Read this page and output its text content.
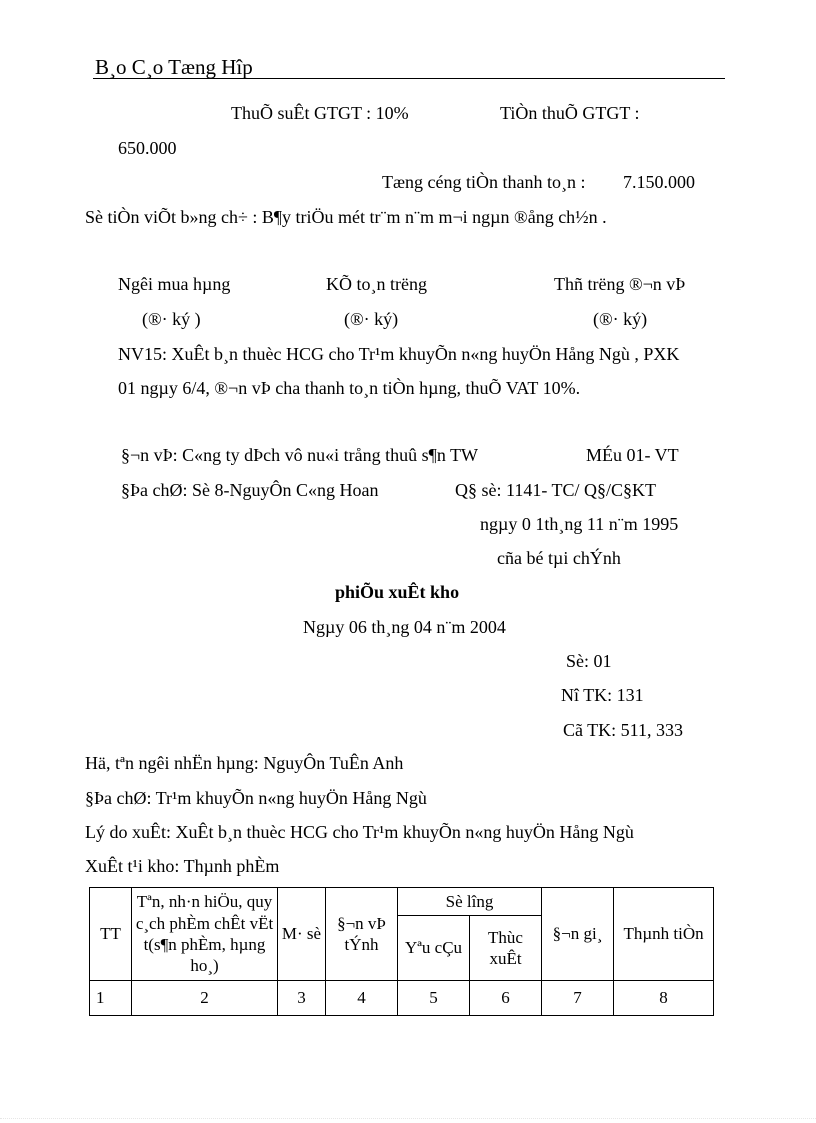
B¸o C¸o Tæng Hîp
ThuÕ suÊt GTGT : 10%	TiÒn thuÕ GTGT :
650.000
Tæng céng tiÒn thanh to¸n : 7.150.000
Sè tiÒn viÕt b»ng ch÷ : B¶y triÖu mét tr¨m n¨m m¬i ngµn ®ång ch½n .
Ngêi mua hµng	KÕ to¸n trëng	Thñ trëng ®¬n vÞ
(®· ký )	(®· ký)	(®· ký)
NV15: XuÊt b¸n thuèc HCG cho Tr¹m khuyÕn n«ng huyÖn Hång Ngù , PXK
01 ngµy 6/4, ®¬n vÞ cha thanh to¸n tiÒn hµng, thuÕ VAT 10%.
§¬n vÞ: C«ng ty dÞch vô nu«i trång thuû s¶n TW	MÉu 01- VT
§Þa chØ: Sè 8-NguyÔn C«ng Hoan	Q§ sè: 1141- TC/ Q§/C§KT
ngµy 0 1th¸ng 11 n¨m 1995
cña bé tµi chÝnh
phiÕu xuÊt kho
Ngµy 06 th¸ng 04 n¨m 2004
Sè: 01
Nî TK: 131
Cã TK: 511, 333
Hä, tªn ngêi nhËn hµng: NguyÔn TuÊn Anh
§Þa chØ: Tr¹m khuyÕn n«ng huyÖn Hång Ngù
Lý do xuÊt: XuÊt b¸n thuèc HCG cho Tr¹m khuyÕn n«ng huyÖn Hång Ngù
XuÊt t¹i kho: Thµnh phÈm
TT	Tªn, nh·n hiÖu, quy c¸ch phÈm chÊt vËt t(s¶n phÈm, hµng ho¸)	M· sè	§¬n vÞ tÝnh	Sè lîng		§¬n gi¸	Thµnh tiÒn
				Yªu cÇu	Thùc xuÊt		
1	2	3	4	5	6	7	8
